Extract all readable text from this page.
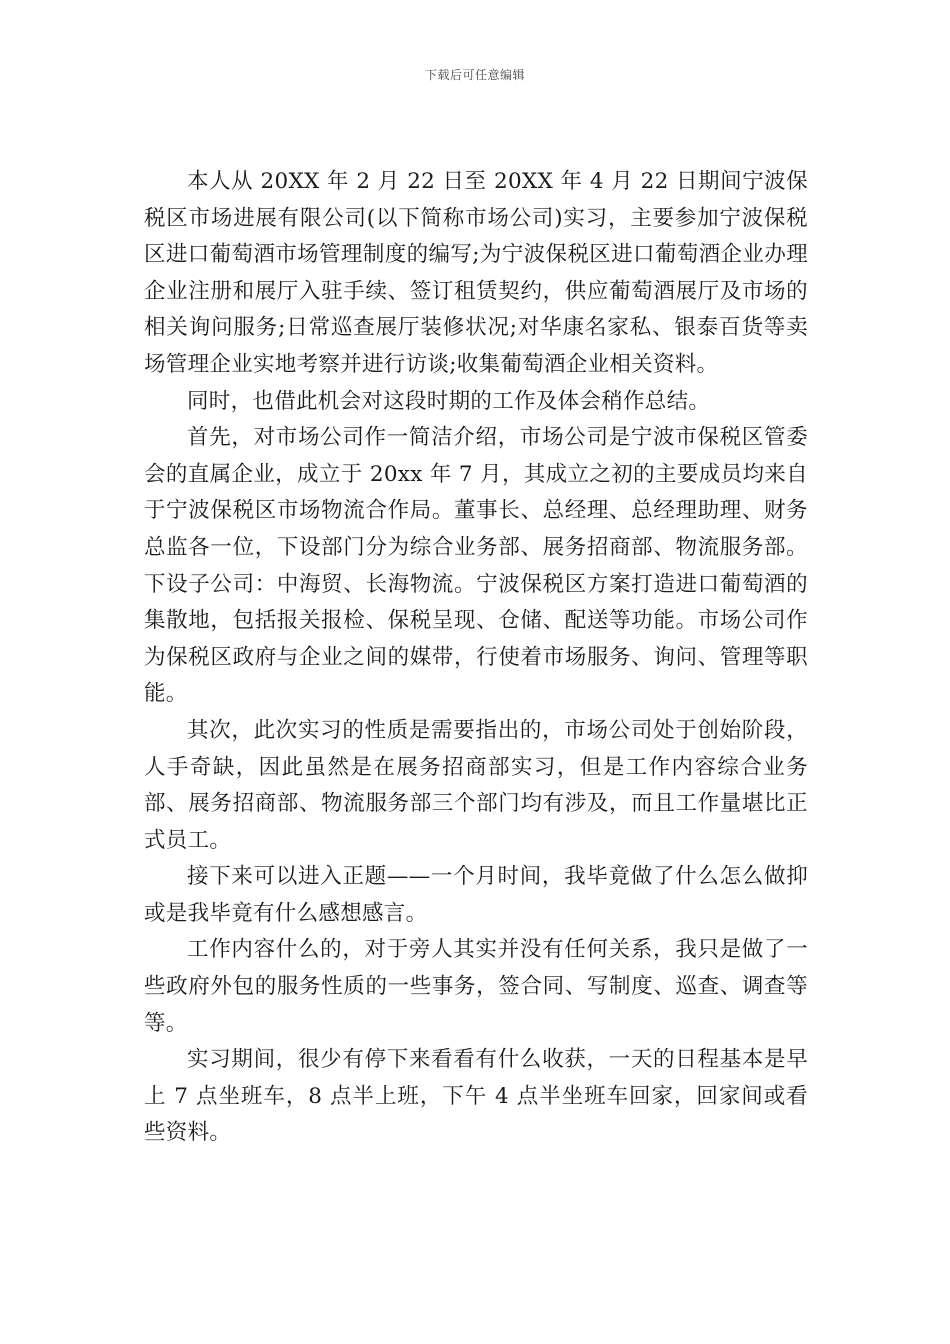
下载后可任意编辑

本人从 20XX 年 2 月 22 日至 20XX 年 4 月 22 日期间宁波保税区市场进展有限公司(以下简称市场公司)实习，主要参加宁波保税区进口葡萄酒市场管理制度的编写;为宁波保税区进口葡萄酒企业办理企业注册和展厅入驻手续、签订租赁契约，供应葡萄酒展厅及市场的相关询问服务;日常巡查展厅装修状况;对华康名家私、银泰百货等卖场管理企业实地考察并进行访谈;收集葡萄酒企业相关资料。

同时，也借此机会对这段时期的工作及体会稍作总结。

首先，对市场公司作一简洁介绍，市场公司是宁波市保税区管委会的直属企业，成立于 20xx 年 7 月，其成立之初的主要成员均来自于宁波保税区市场物流合作局。董事长、总经理、总经理助理、财务总监各一位，下设部门分为综合业务部、展务招商部、物流服务部。下设子公司：中海贸、长海物流。宁波保税区方案打造进口葡萄酒的集散地，包括报关报检、保税呈现、仓储、配送等功能。市场公司作为保税区政府与企业之间的媒带，行使着市场服务、询问、管理等职能。

其次，此次实习的性质是需要指出的，市场公司处于创始阶段，人手奇缺，因此虽然是在展务招商部实习，但是工作内容综合业务部、展务招商部、物流服务部三个部门均有涉及，而且工作量堪比正式员工。

接下来可以进入正题——一个月时间，我毕竟做了什么怎么做抑或是我毕竟有什么感想感言。

工作内容什么的，对于旁人其实并没有任何关系，我只是做了一些政府外包的服务性质的一些事务，签合同、写制度、巡查、调查等等。

实习期间，很少有停下来看看有什么收获，一天的日程基本是早上 7 点坐班车，8 点半上班，下午 4 点半坐班车回家，回家间或看些资料。
